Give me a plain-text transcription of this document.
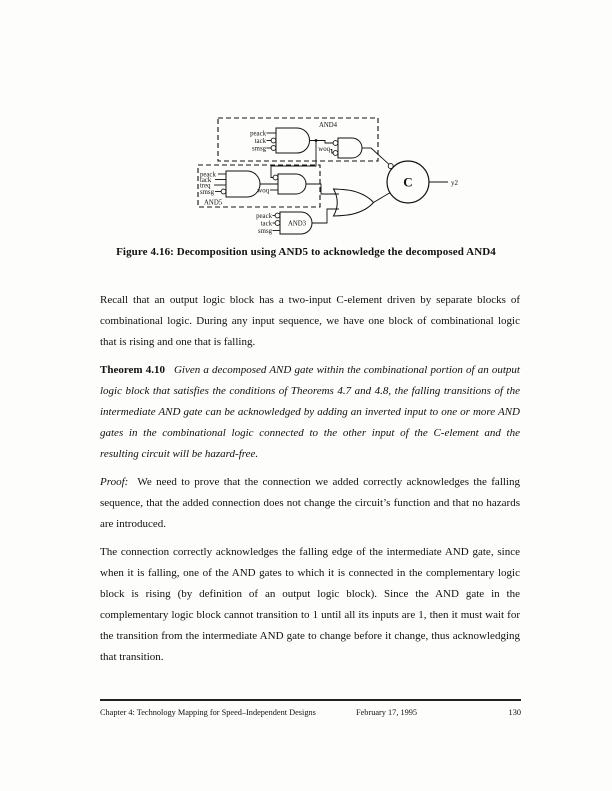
AND4
peack
tack
smsg	woq
AND5
peack
tack
treq
smsg	woq
peack
tack
smsg
AND3
C	y2
Figure 4.16: Decomposition using AND5 to acknowledge the decomposed AND4

Recall that an output logic block has a two-input C-element driven by separate blocks of combinational logic. During any input sequence, we have one block of combinational logic that is rising and one that is falling.

Theorem 4.10 Given a decomposed AND gate within the combinational portion of an output logic block that satisfies the conditions of Theorems 4.7 and 4.8, the falling transitions of the intermediate AND gate can be acknowledged by adding an inverted input to one or more AND gates in the combinational logic connected to the other input of the C-element and the resulting circuit will be hazard-free.

Proof: We need to prove that the connection we added correctly acknowledges the falling sequence, that the added connection does not change the circuit’s function and that no hazards are introduced.

The connection correctly acknowledges the falling edge of the intermediate AND gate, since when it is falling, one of the AND gates to which it is connected in the complementary logic block is rising (by definition of an output logic block). Since the AND gate in the complementary logic block cannot transition to 1 until all its inputs are 1, then it must wait for the transition from the intermediate AND gate to change before it change, thus acknowledging that transition.

Chapter 4: Technology Mapping for Speed–Independent Designs	February 17, 1995	130
